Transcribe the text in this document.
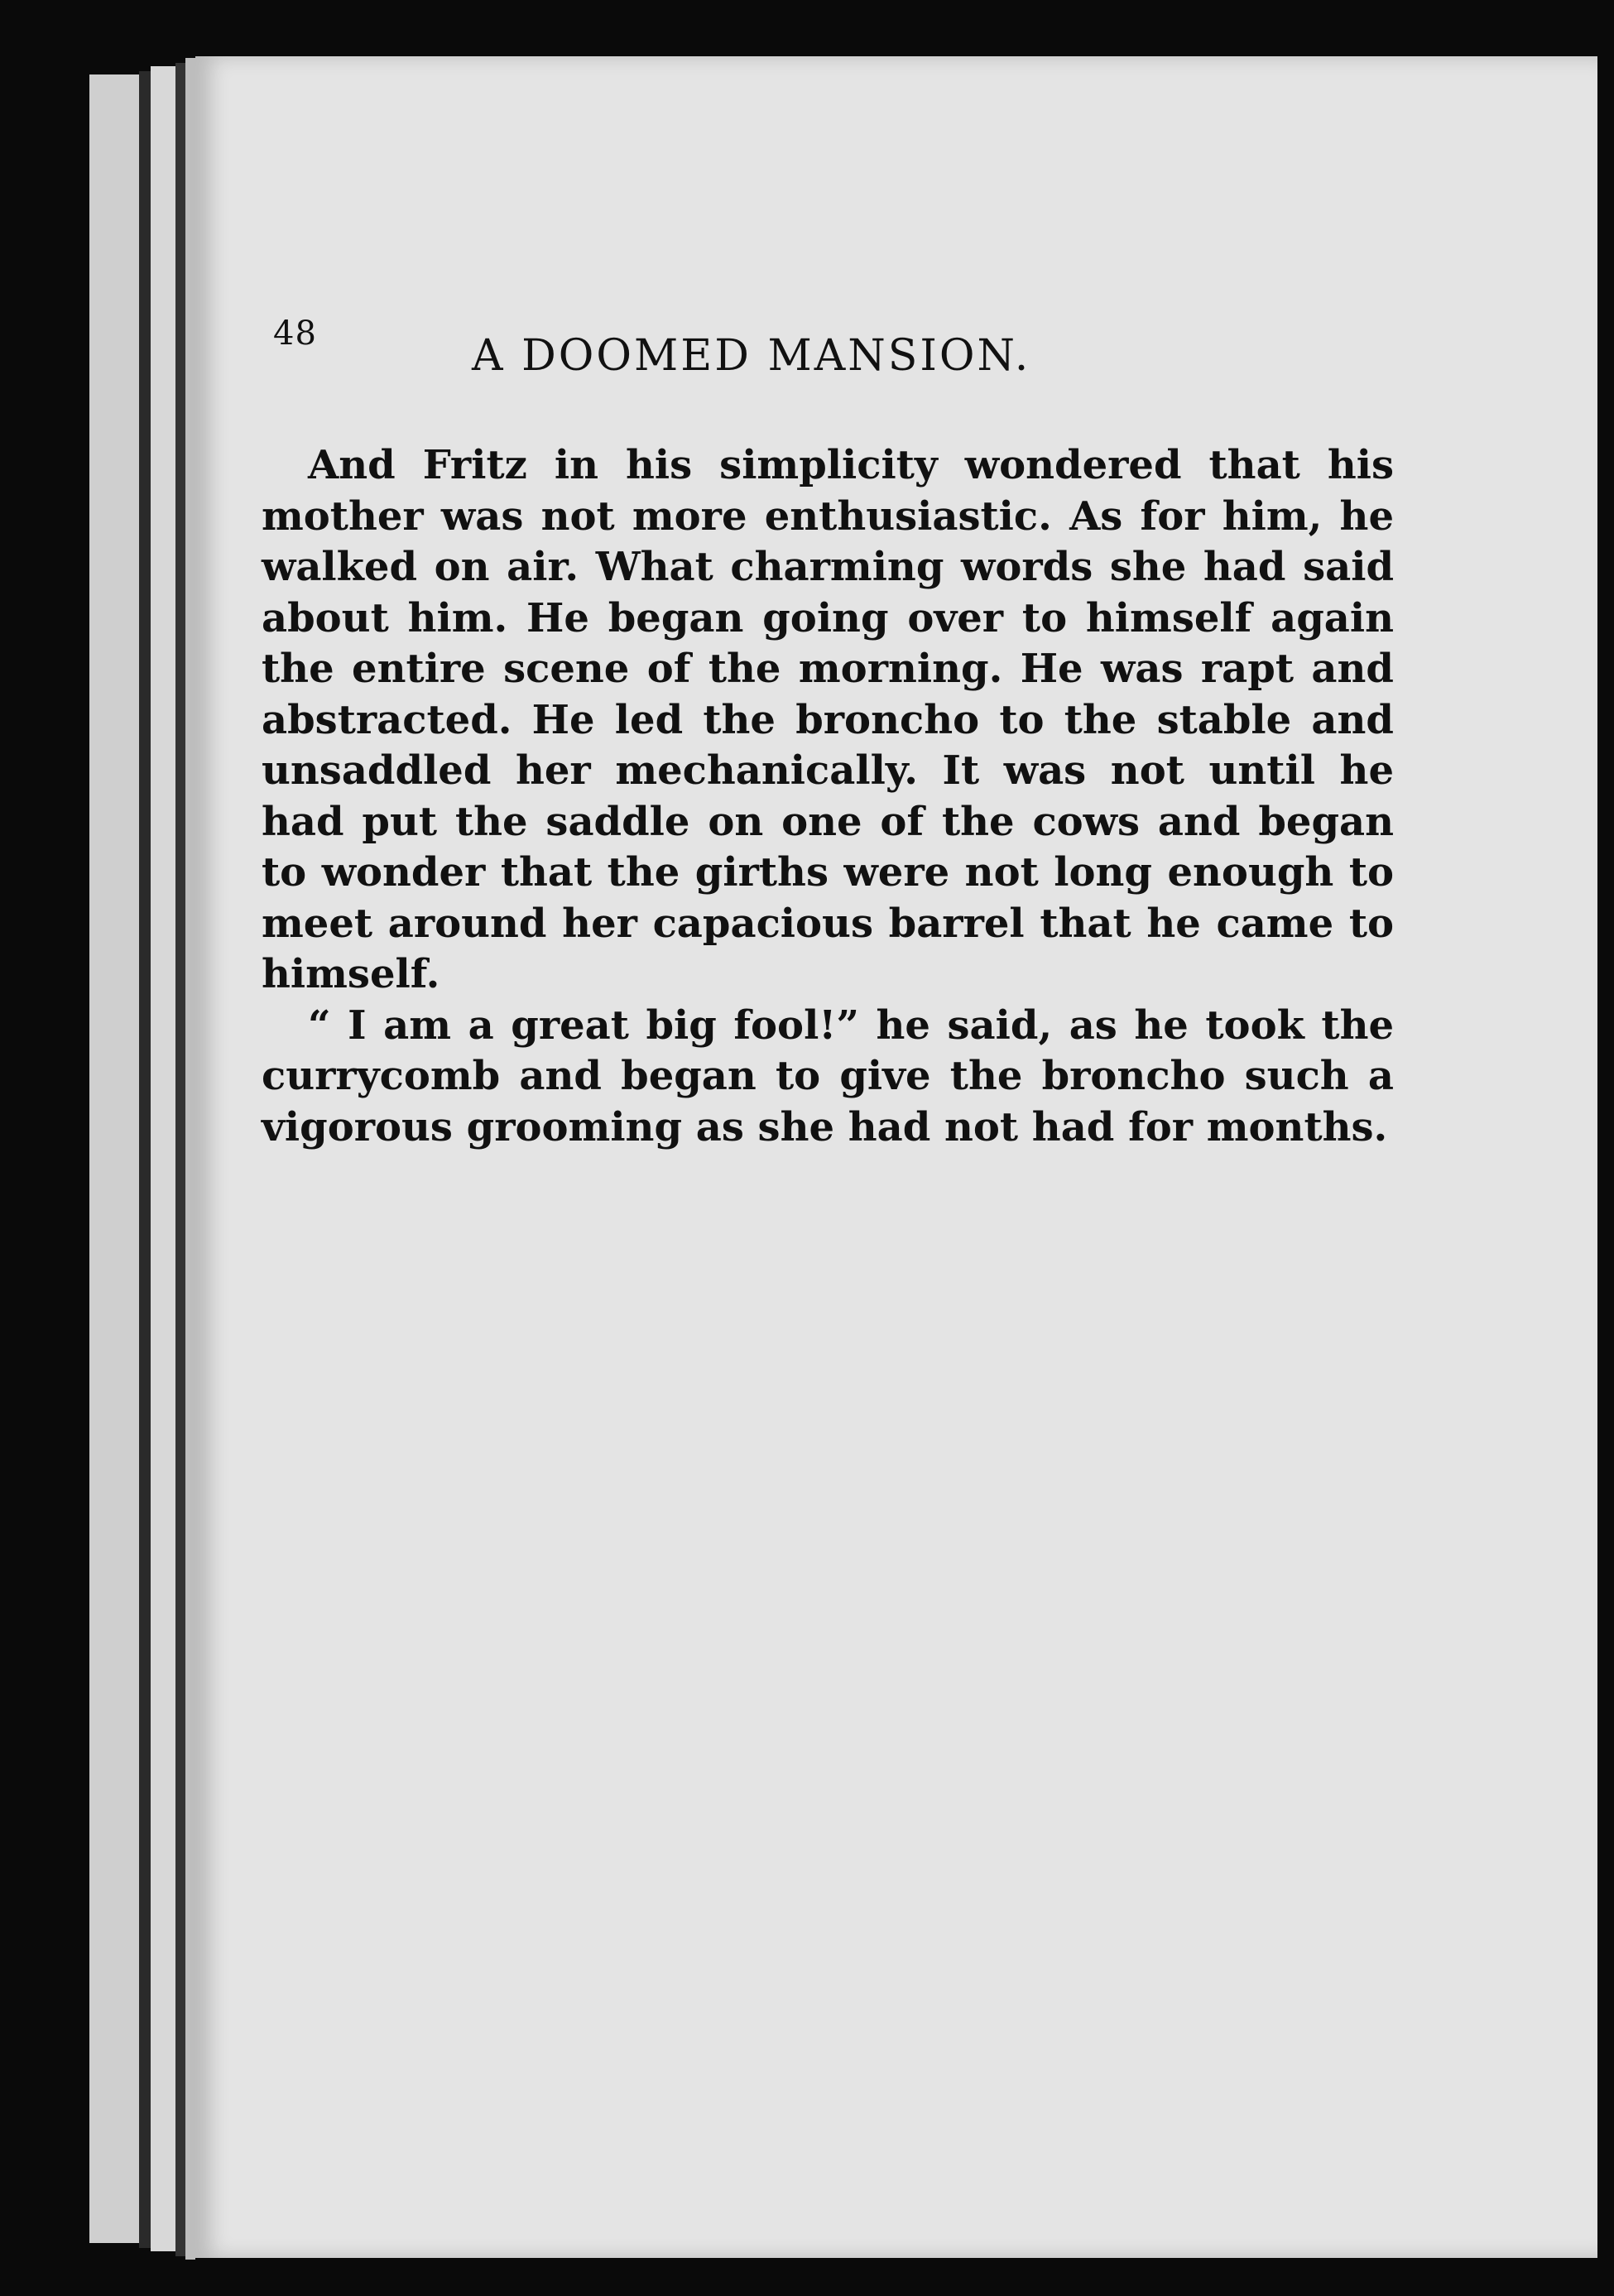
48	A DOOMED MANSION.

And Fritz in his simplicity wondered that his mother was not more enthusiastic. As for him, he walked on air. What charming words she had said about him. He began going over to himself again the entire scene of the morning. He was rapt and abstracted. He led the broncho to the stable and unsaddled her mechanically. It was not until he had put the saddle on one of the cows and began to wonder that the girths were not long enough to meet around her capacious barrel that he came to himself.

“ I am a great big fool!” he said, as he took the currycomb and began to give the broncho such a vigorous grooming as she had not had for months.
